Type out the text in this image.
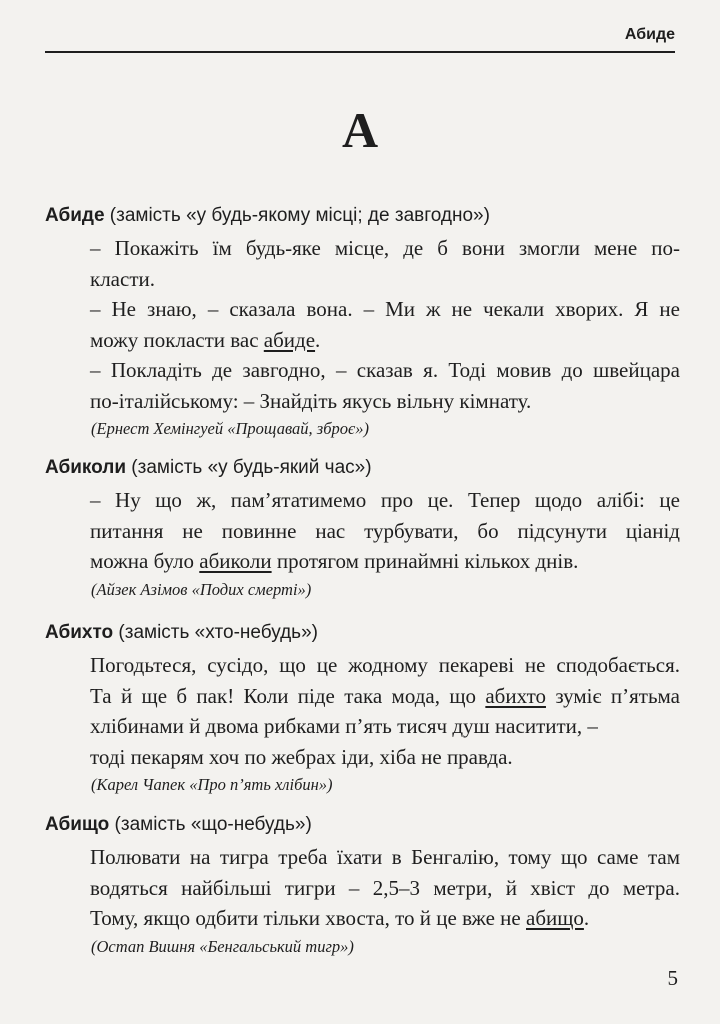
Абиде
А
Абиде (замість «у будь-якому місці; де завгодно»)
– Покажіть їм будь-яке місце, де б вони змогли мене по-
класти.
– Не знаю, – сказала вона. – Ми ж не чекали хворих. Я не
можу покласти вас абиде.
– Покладіть де завгодно, – сказав я. Тоді мовив до швейцара
по-італійському: – Знайдіть якусь вільну кімнату.
(Ернест Хемінгуей «Прощавай, зброє»)
Абиколи (замість «у будь-який час»)
– Ну що ж, пам’ятатимемо про це. Тепер щодо алібі: це
питання не повинне нас турбувати, бо підсунути ціанід
можна було абиколи протягом принаймні кількох днів.
(Айзек Азімов «Подих смерті»)
Абихто (замість «хто-небудь»)
Погодьтеся, сусідо, що це жодному пекареві не сподобається.
Та й ще б пак! Коли піде така мода, що абихто зуміє п’ятьма
хлібинами й двома рибками п’ять тисяч душ наситити, –
тоді пекарям хоч по жебрах іди, хіба не правда.
(Карел Чапек «Про п’ять хлібин»)
Абищо (замість «що-небудь»)
Полювати на тигра треба їхати в Бенгалію, тому що саме там
водяться найбільші тигри – 2,5–3 метри, й хвіст до метра.
Тому, якщо одбити тільки хвоста, то й це вже не абищо.
(Остап Вишня «Бенгальський тигр»)
5
